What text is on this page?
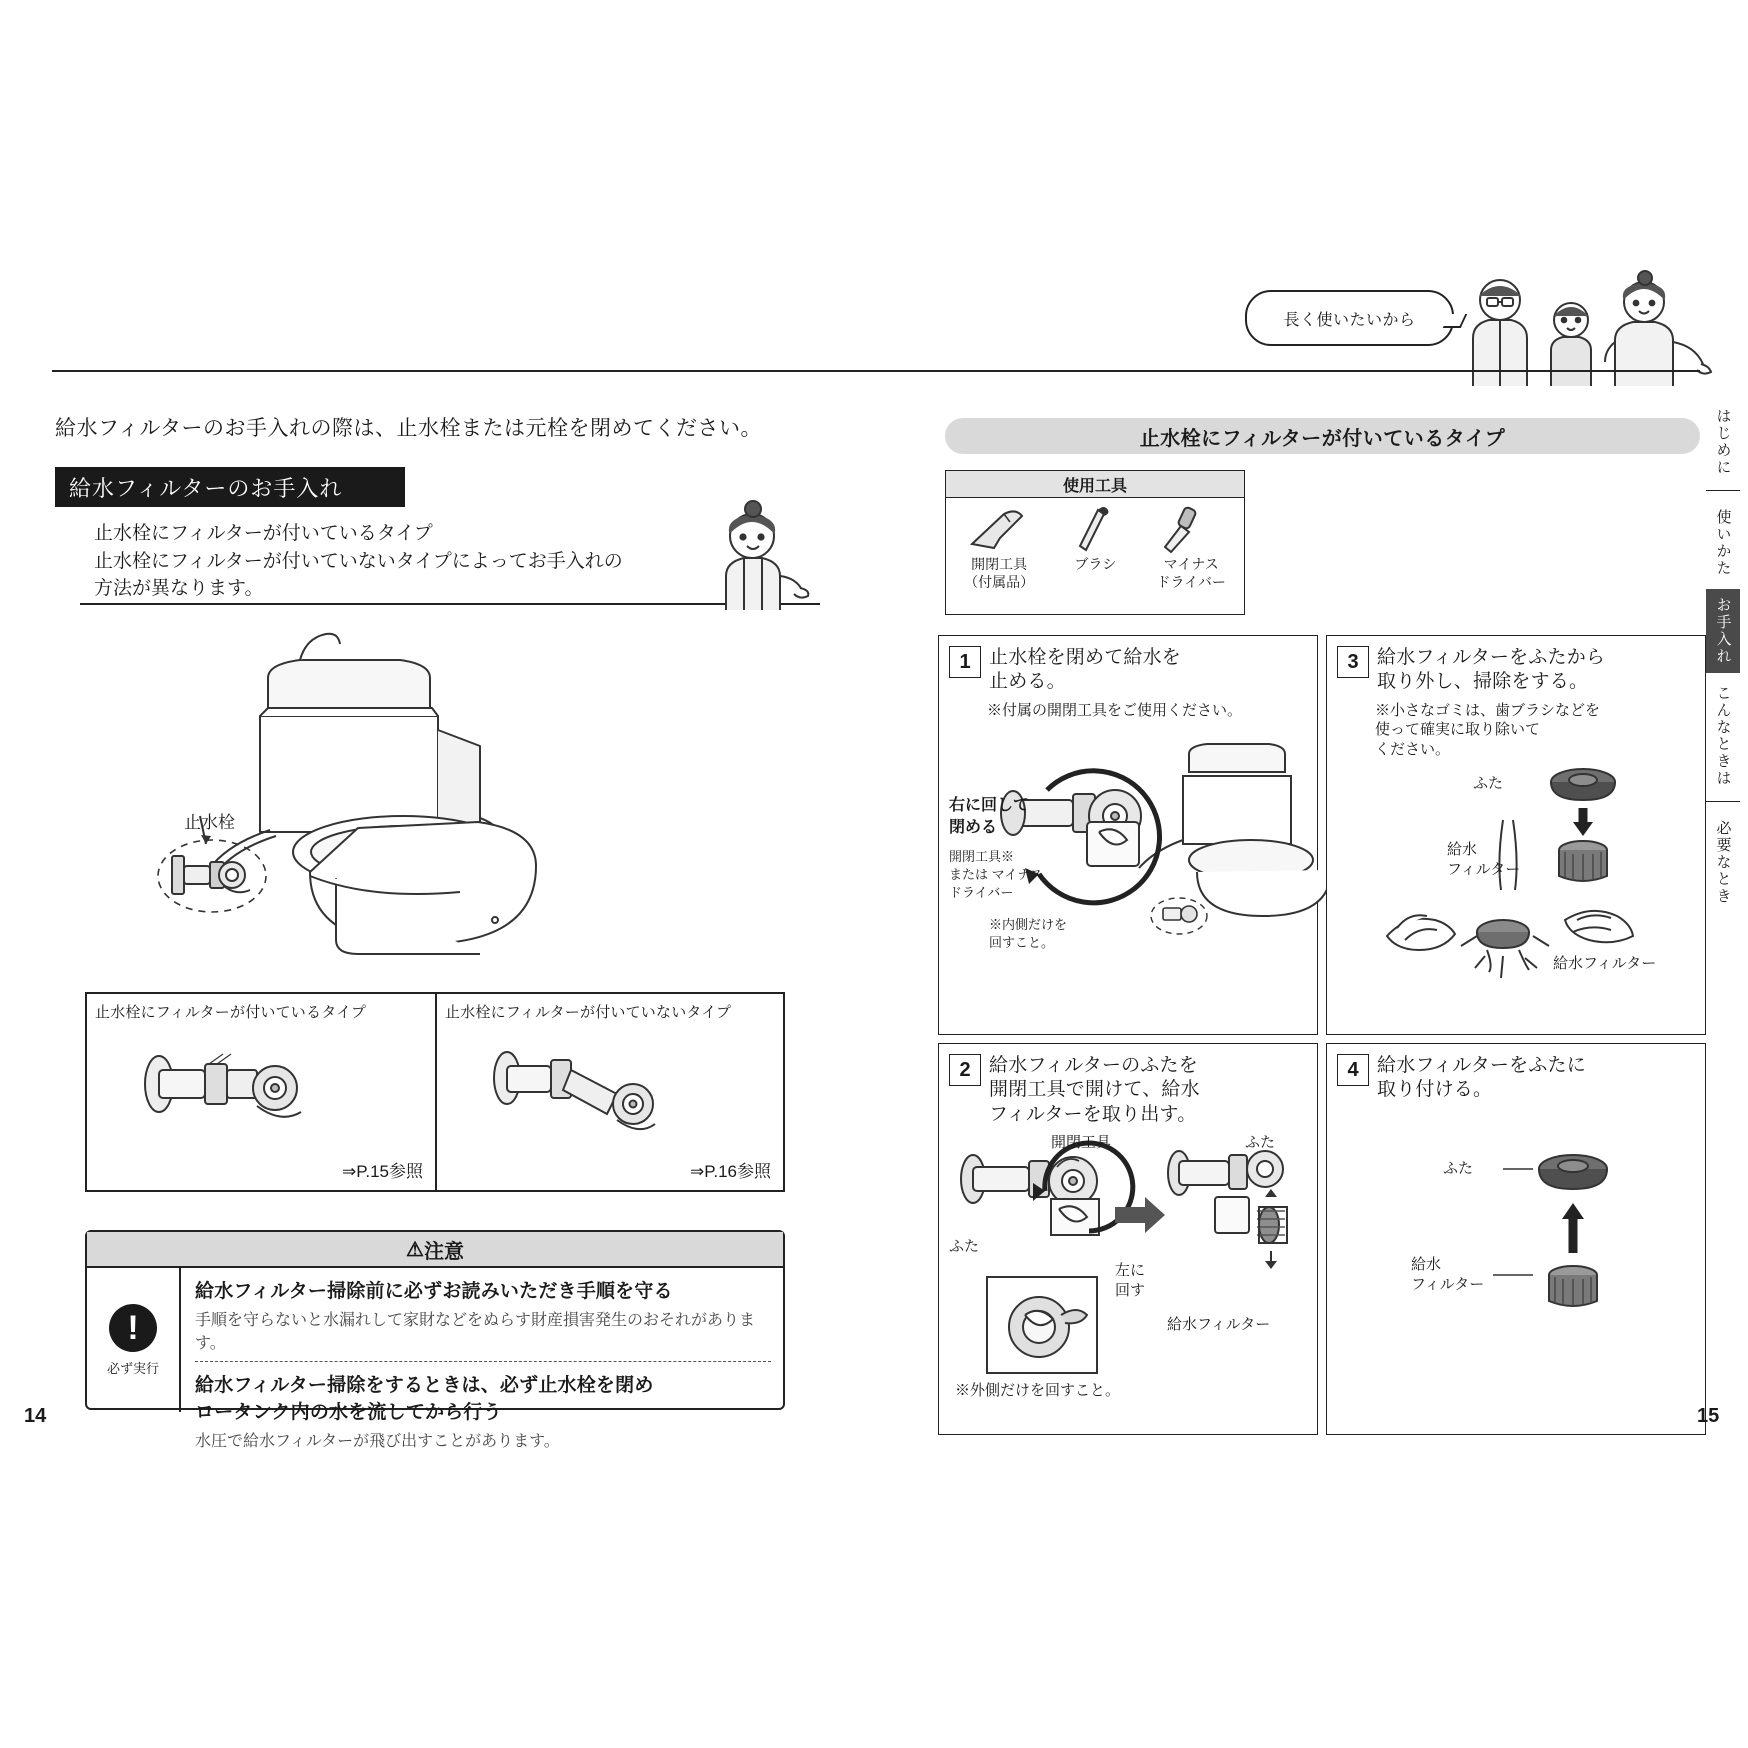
長く使いたいから
給水フィルターのお手入れの際は、止水栓または元栓を閉めてください。
給水フィルターのお手入れ
止水栓にフィルターが付いているタイプ
止水栓にフィルターが付いていないタイプによってお手入れの
方法が異なります。
止水栓
止水栓にフィルターが付いているタイプ
⇒P.15参照
止水栓にフィルターが付いていないタイプ
⇒P.16参照
⚠ 注意
!
必ず実行
給水フィルター掃除前に必ずお読みいただき手順を守る
手順を守らないと水漏れして家財などをぬらす財産損害発生のおそれがあります。
給水フィルター掃除をするときは、必ず止水栓を閉め
ロータンク内の水を流してから行う
水圧で給水フィルターが飛び出すことがあります。
14
止水栓にフィルターが付いているタイプ
使用工具
開閉工具
（付属品）
ブラシ	マイナス
ドライバー
1 止水栓を閉めて給水を
止める。
※付属の開閉工具をご使用ください。
右に回して
閉める
開閉工具※
または マイナス
ドライバー
※内側だけを
回すこと。
3 給水フィルターをふたから
取り外し、掃除をする。
※小さなゴミは、歯ブラシなどを
使って確実に取り除いて
ください。
ふた
給水
フィルター
給水フィルター
2 給水フィルターのふたを
開閉工具で開けて、給水
フィルターを取り出す。
開閉工具
ふた
左に
回す
ふた
給水フィルター
※外側だけを回すこと。
4 給水フィルターをふたに
取り付ける。
ふた
給水
フィルター
15
はじめに
使いかた
お手入れ
こんなときは
必要なとき
